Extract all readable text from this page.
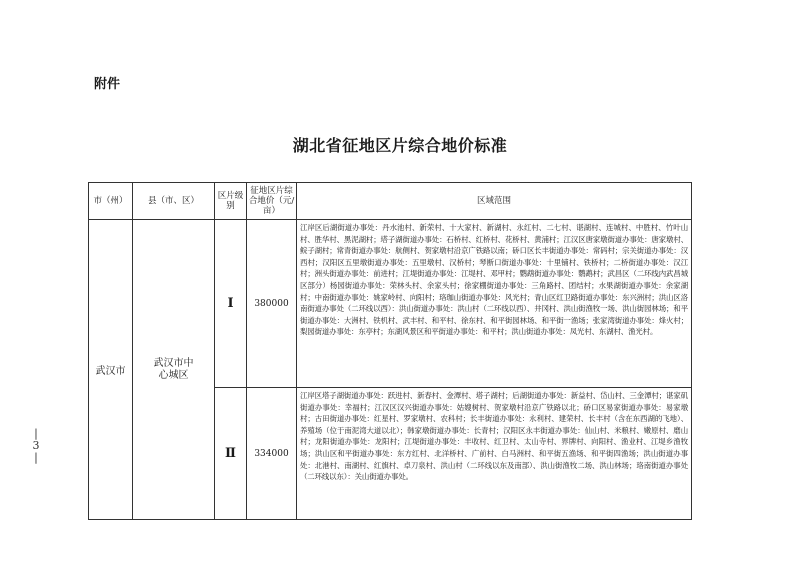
附件
湖北省征地区片综合地价标准
|
3
|
市（州）	县（市、区）	区片级别	征地区片综合地价（元/亩）	区域范围
武汉市	武汉市中心城区	Ⅰ	380000	江岸区后湖街道办事处：丹水池村、新荣村、十大家村、新湖村、永红村、二七村、谌湖村、连城村、中胜村、竹叶山村、胜华村、黑泥湖村；塔子湖街道办事处：石桥村、红桥村、花桥村、黄浦村；江汉区唐家墩街道办事处：唐家墩村、鲩子湖村；常青街道办事处：航侧村、贺家墩村沿京广铁路以南；硚口区长丰街道办事处：常码村；宗关街道办事处：汉西村；汉阳区五里墩街道办事处：五里墩村、汉桥村；琴断口街道办事处：十里铺村、铁桥村；二桥街道办事处：汉江村；洲头街道办事处：前进村；江堤街道办事处：江堤村、邓甲村；鹦鹉街道办事处：鹦鹉村；武昌区（二环线内武昌城区部分）杨园街道办事处：荣林头村、余家头村；徐家棚街道办事处：三角路村、团结村；水果湖街道办事处：余家湖村；中南街道办事处：姚家岭村、向阳村；珞珈山街道办事处：风光村；青山区红卫路街道办事处：东兴洲村；洪山区洛南街道办事处（二环线以西）：洪山街道办事处：洪山村（二环线以西）、井冈村、洪山街渔牧一场、洪山街园林场；和平街道办事处：大洲村、铁机村、武丰村、和平村、徐东村、和平街园林场、和平街一渔场；张家湾街道办事处：烽火村；梨园街道办事处：东亭村；东湖风景区和平街道办事处：和平村；洪山街道办事处：凤光村、东湖村、渔光村。
		Ⅱ	334000	江岸区塔子湖街道办事处：跃进村、新春村、金潭村、塔子湖村；后湖街道办事处：新益村、岱山村、三金潭村；谌家矶街道办事处：幸福村；江汉区汉兴街道办事处：姑嫂树村、贺家墩村沿京广铁路以北；硚口区易家街道办事处：易家墩村；古田街道办事处：红星村、罗家墩村、农科村；长丰街道办事处：永利村、建荣村、长丰村（含在东西湖的飞地）、养殖场（位于南泥湾大道以北）；韩家墩街道办事处：长青村；汉阳区永丰街道办事处：仙山村、米粮村、嫩原村、磨山村；龙阳街道办事处：龙阳村；江堤街道办事处：丰收村、红卫村、太山寺村、界牌村、向阳村、渔业村、江堤乡渔牧场；洪山区和平街道办事处：东方红村、北洋桥村、广前村、白马洲村、和平街五渔场、和平街四渔场；洪山街道办事处：北港村、南湖村、红旗村、卓刀泉村、洪山村（二环线以东及南部）、洪山街渔牧二场、洪山林场；珞南街道办事处（二环线以东）：关山街道办事处。
